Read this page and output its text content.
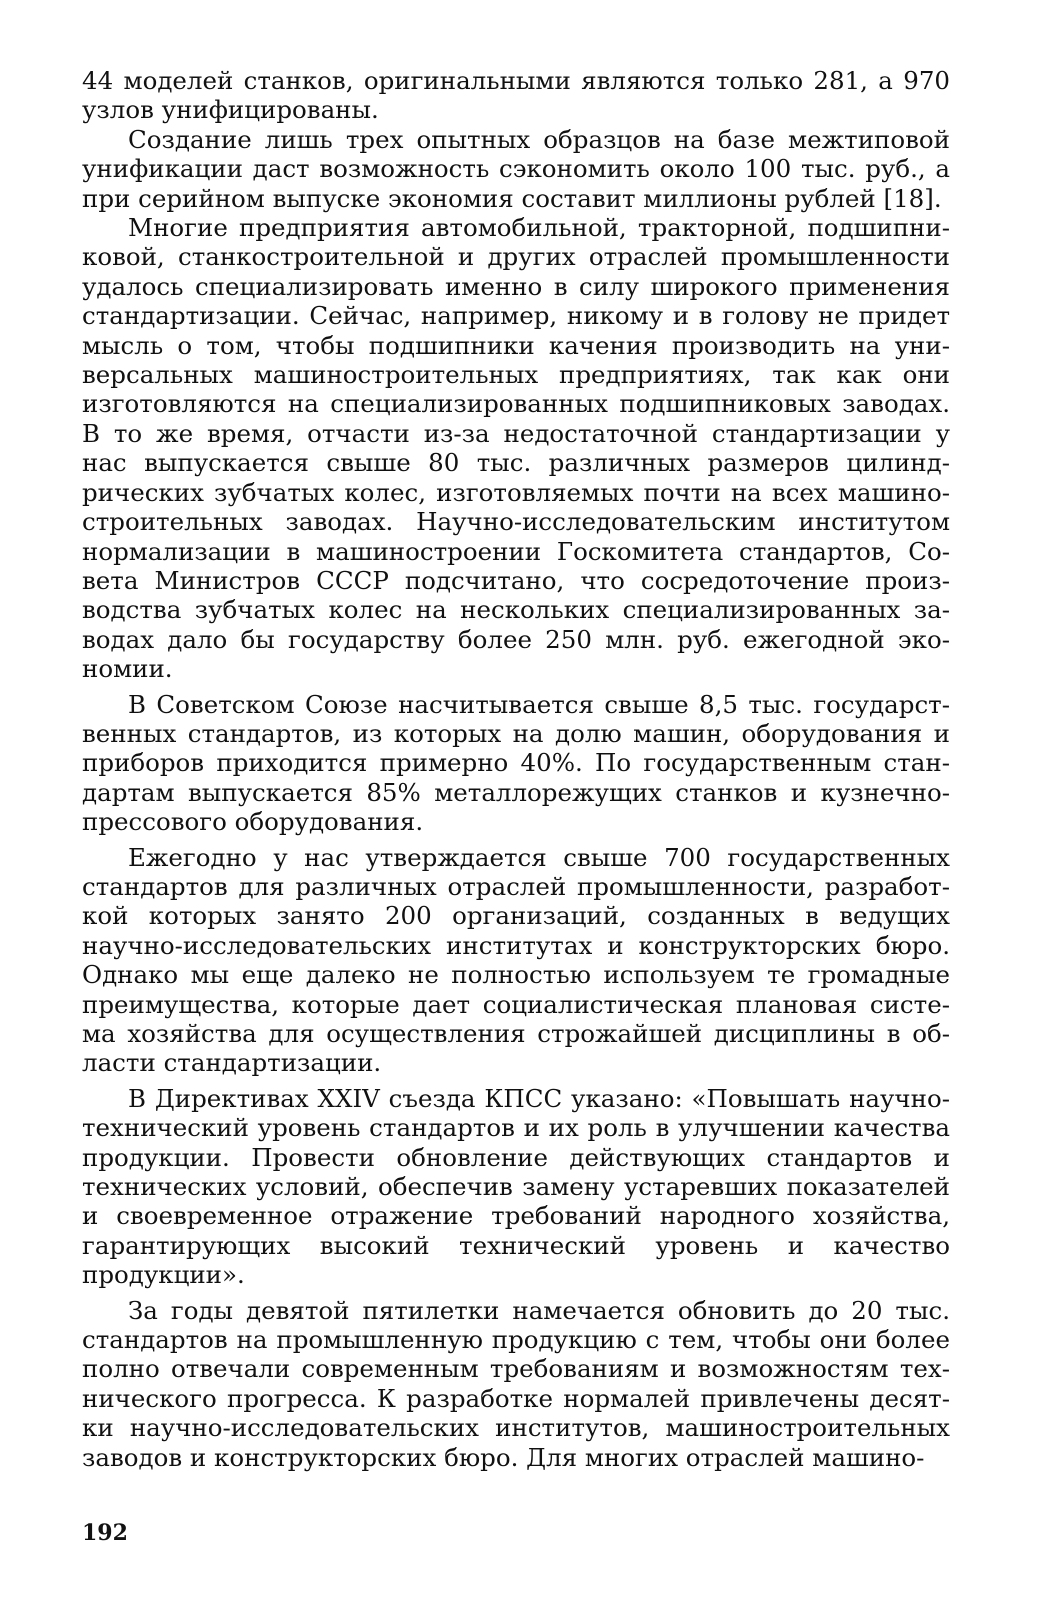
44 моделей станков, оригинальными являются только 281, а 970 узлов унифицированы.

Создание лишь трех опытных образцов на базе межтиповой унификации даст возможность сэкономить около 100 тыс. руб., а при серийном выпуске экономия составит миллионы рублей [18].

Многие предприятия автомобильной, тракторной, подшипниковой, станкостроительной и других отраслей промышленности удалось специализировать именно в силу широкого применения стандартизации. Сейчас, например, никому и в голову не придет мысль о том, чтобы подшипники качения производить на универсальных машиностроительных предприятиях, так как они изготовляются на специализированных подшипниковых заводах. В то же время, отчасти из-за недостаточной стандартизации у нас выпускается свыше 80 тыс. различных размеров цилиндрических зубчатых колес, изготовляемых почти на всех машиностроительных заводах. Научно-исследовательским институтом нормализации в машиностроении Госкомитета стандартов, Совета Министров СССР подсчитано, что сосредоточение производства зубчатых колес на нескольких специализированных заводах дало бы государству более 250 млн. руб. ежегодной экономии.

В Советском Союзе насчитывается свыше 8,5 тыс. государственных стандартов, из которых на долю машин, оборудования и приборов приходится примерно 40%. По государственным стандартам выпускается 85% металлорежущих станков и кузнечно-прессового оборудования.

Ежегодно у нас утверждается свыше 700 государственных стандартов для различных отраслей промышленности, разработкой которых занято 200 организаций, созданных в ведущих научно-исследовательских институтах и конструкторских бюро. Однако мы еще далеко не полностью используем те громадные преимущества, которые дает социалистическая плановая система хозяйства для осуществления строжайшей дисциплины в области стандартизации.

В Директивах XXIV съезда КПСС указано: «Повышать научно-технический уровень стандартов и их роль в улучшении качества продукции. Провести обновление действующих стандартов и технических условий, обеспечив замену устаревших показателей и своевременное отражение требований народного хозяйства, гарантирующих высокий технический уровень и качество продукции».

За годы девятой пятилетки намечается обновить до 20 тыс. стандартов на промышленную продукцию с тем, чтобы они более полно отвечали современным требованиям и возможностям технического прогресса. К разработке нормалей привлечены десятки научно-исследовательских институтов, машиностроительных заводов и конструкторских бюро. Для многих отраслей машино-

192
